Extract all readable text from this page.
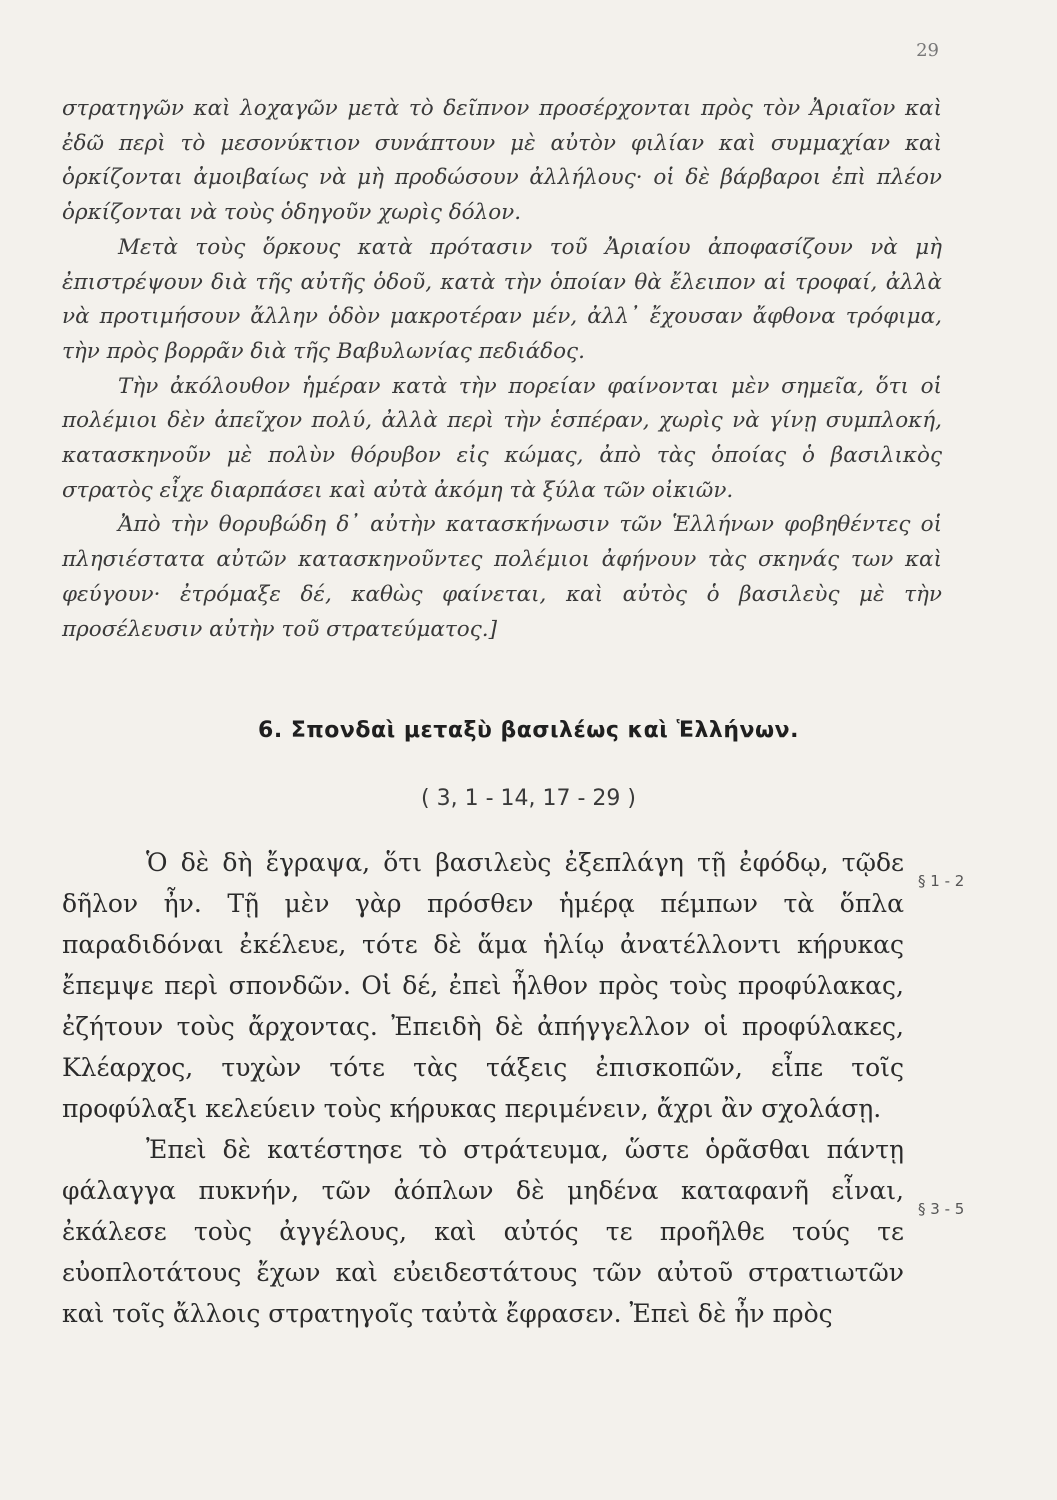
29

στρατηγῶν καὶ λοχαγῶν μετὰ τὸ δεῖπνον προσέρχονται πρὸς τὸν Ἀριαῖον καὶ ἐδῶ περὶ τὸ μεσονύκτιον συνάπτουν μὲ αὐτὸν φιλίαν καὶ συμμαχίαν καὶ ὁρκίζονται ἀμοιβαίως νὰ μὴ προδώσουν ἀλλήλους· οἱ δὲ βάρβαροι ἐπὶ πλέον ὁρκίζονται νὰ τοὺς ὁδηγοῦν χωρὶς δόλον.

Μετὰ τοὺς ὅρκους κατὰ πρότασιν τοῦ Ἀριαίου ἀποφασίζουν νὰ μὴ ἐπιστρέψουν διὰ τῆς αὐτῆς ὁδοῦ, κατὰ τὴν ὁποίαν θὰ ἔλειπον αἱ τροφαί, ἀλλὰ νὰ προτιμήσουν ἄλλην ὁδὸν μακροτέραν μέν, ἀλλ᾽ ἔχουσαν ἄφθονα τρόφιμα, τὴν πρὸς βορρᾶν διὰ τῆς Βαβυλωνίας πεδιάδος.

Τὴν ἀκόλουθον ἡμέραν κατὰ τὴν πορείαν φαίνονται μὲν σημεῖα, ὅτι οἱ πολέμιοι δὲν ἀπεῖχον πολύ, ἀλλὰ περὶ τὴν ἑσπέραν, χωρὶς νὰ γίνῃ συμπλοκή, κατασκηνοῦν μὲ πολὺν θόρυβον εἰς κώμας, ἀπὸ τὰς ὁποίας ὁ βασιλικὸς στρατὸς εἶχε διαρπάσει καὶ αὐτὰ ἀκόμη τὰ ξύλα τῶν οἰκιῶν.

Ἀπὸ τὴν θορυβώδη δ᾽ αὐτὴν κατασκήνωσιν τῶν Ἑλλήνων φοβηθέντες οἱ πλησιέστατα αὐτῶν κατασκηνοῦντες πολέμιοι ἀφήνουν τὰς σκηνάς των καὶ φεύγουν· ἐτρόμαξε δέ, καθὼς φαίνεται, καὶ αὐτὸς ὁ βασιλεὺς μὲ τὴν προσέλευσιν αὐτὴν τοῦ στρατεύματος.]

6. Σπονδαὶ μεταξὺ βασιλέως καὶ Ἑλλήνων.
( 3, 1 - 14, 17 - 29 )

Ὁ δὲ δὴ ἔγραψα, ὅτι βασιλεὺς ἐξεπλάγη τῇ ἐφόδῳ, τῷδε δῆλον ἦν. Τῇ μὲν γὰρ πρόσθεν ἡμέρᾳ πέμπων τὰ ὅπλα παραδιδόναι ἐκέλευε, τότε δὲ ἅμα ἡλίῳ ἀνατέλλοντι κήρυκας ἔπεμψε περὶ σπονδῶν. Οἱ δέ, ἐπεὶ ἦλθον πρὸς τοὺς προφύλακας, ἐζήτουν τοὺς ἄρχοντας. Ἐπειδὴ δὲ ἀπήγγελλον οἱ προφύλακες, Κλέαρχος, τυχὼν τότε τὰς τάξεις ἐπισκοπῶν, εἶπε τοῖς προφύλαξι κελεύειν τοὺς κήρυκας περιμένειν, ἄχρι ἂν σχολάσῃ.

Ἐπεὶ δὲ κατέστησε τὸ στράτευμα, ὥστε ὁρᾶσθαι πάντῃ φάλαγγα πυκνήν, τῶν ἀόπλων δὲ μηδένα καταφανῆ εἶναι, ἐκάλεσε τοὺς ἀγγέλους, καὶ αὐτός τε προῆλθε τούς τε εὐοπλοτάτους ἔχων καὶ εὐειδεστάτους τῶν αὐτοῦ στρατιωτῶν καὶ τοῖς ἄλλοις στρατηγοῖς ταὐτὰ ἔφρασεν. Ἐπεὶ δὲ ἦν πρὸς

§ 1 - 2
§ 3 - 5
